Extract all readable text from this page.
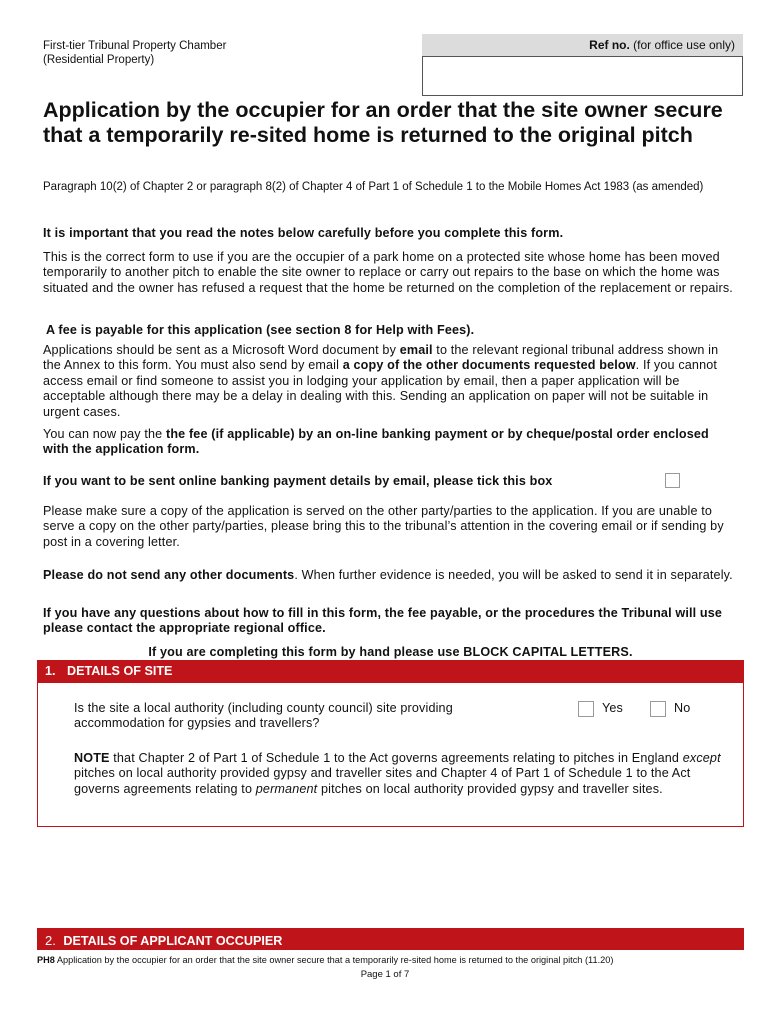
First-tier Tribunal Property Chamber
(Residential Property)
Ref no. (for office use only)
Application by the occupier for an order that the site owner secure that a temporarily re-sited home is returned to the original pitch
Paragraph 10(2) of Chapter 2 or paragraph 8(2) of Chapter 4 of Part 1 of Schedule 1 to the Mobile Homes Act 1983 (as amended)
It is important that you read the notes below carefully before you complete this form.
This is the correct form to use if you are the occupier of a park home on a protected site whose home has been moved temporarily to another pitch to enable the site owner to replace or carry out repairs to the base on which the home was situated and the owner has refused a request that the home be returned on the completion of the replacement or repairs.
A fee is payable for this application (see section 8 for Help with Fees).
Applications should be sent as a Microsoft Word document by email to the relevant regional tribunal address shown in the Annex to this form. You must also send by email a copy of the other documents requested below. If you cannot access email or find someone to assist you in lodging your application by email, then a paper application will be acceptable although there may be a delay in dealing with this. Sending an application on paper will not be suitable in urgent cases.
You can now pay the the fee (if applicable) by an on-line banking payment or by cheque/postal order enclosed with the application form.
If you want to be sent online banking payment details by email, please tick this box
Please make sure a copy of the application is served on the other party/parties to the application. If you are unable to serve a copy on the other party/parties, please bring this to the tribunal’s attention in the covering email or if sending by post in a covering letter.
Please do not send any other documents. When further evidence is needed, you will be asked to send it in separately.
If you have any questions about how to fill in this form, the fee payable, or the procedures the Tribunal will use please contact the appropriate regional office.
If you are completing this form by hand please use BLOCK CAPITAL LETTERS.
1. DETAILS OF SITE
Is the site a local authority (including county council) site providing accommodation for gypsies and travellers?
Yes	No
NOTE that Chapter 2 of Part 1 of Schedule 1 to the Act governs agreements relating to pitches in England except pitches on local authority provided gypsy and traveller sites and Chapter 4 of Part 1 of Schedule 1 to the Act governs agreements relating to permanent pitches on local authority provided gypsy and traveller sites.
2. DETAILS OF APPLICANT OCCUPIER
PH8 Application by the occupier for an order that the site owner secure that a temporarily re-sited home is returned to the original pitch (11.20)
Page 1 of 7
